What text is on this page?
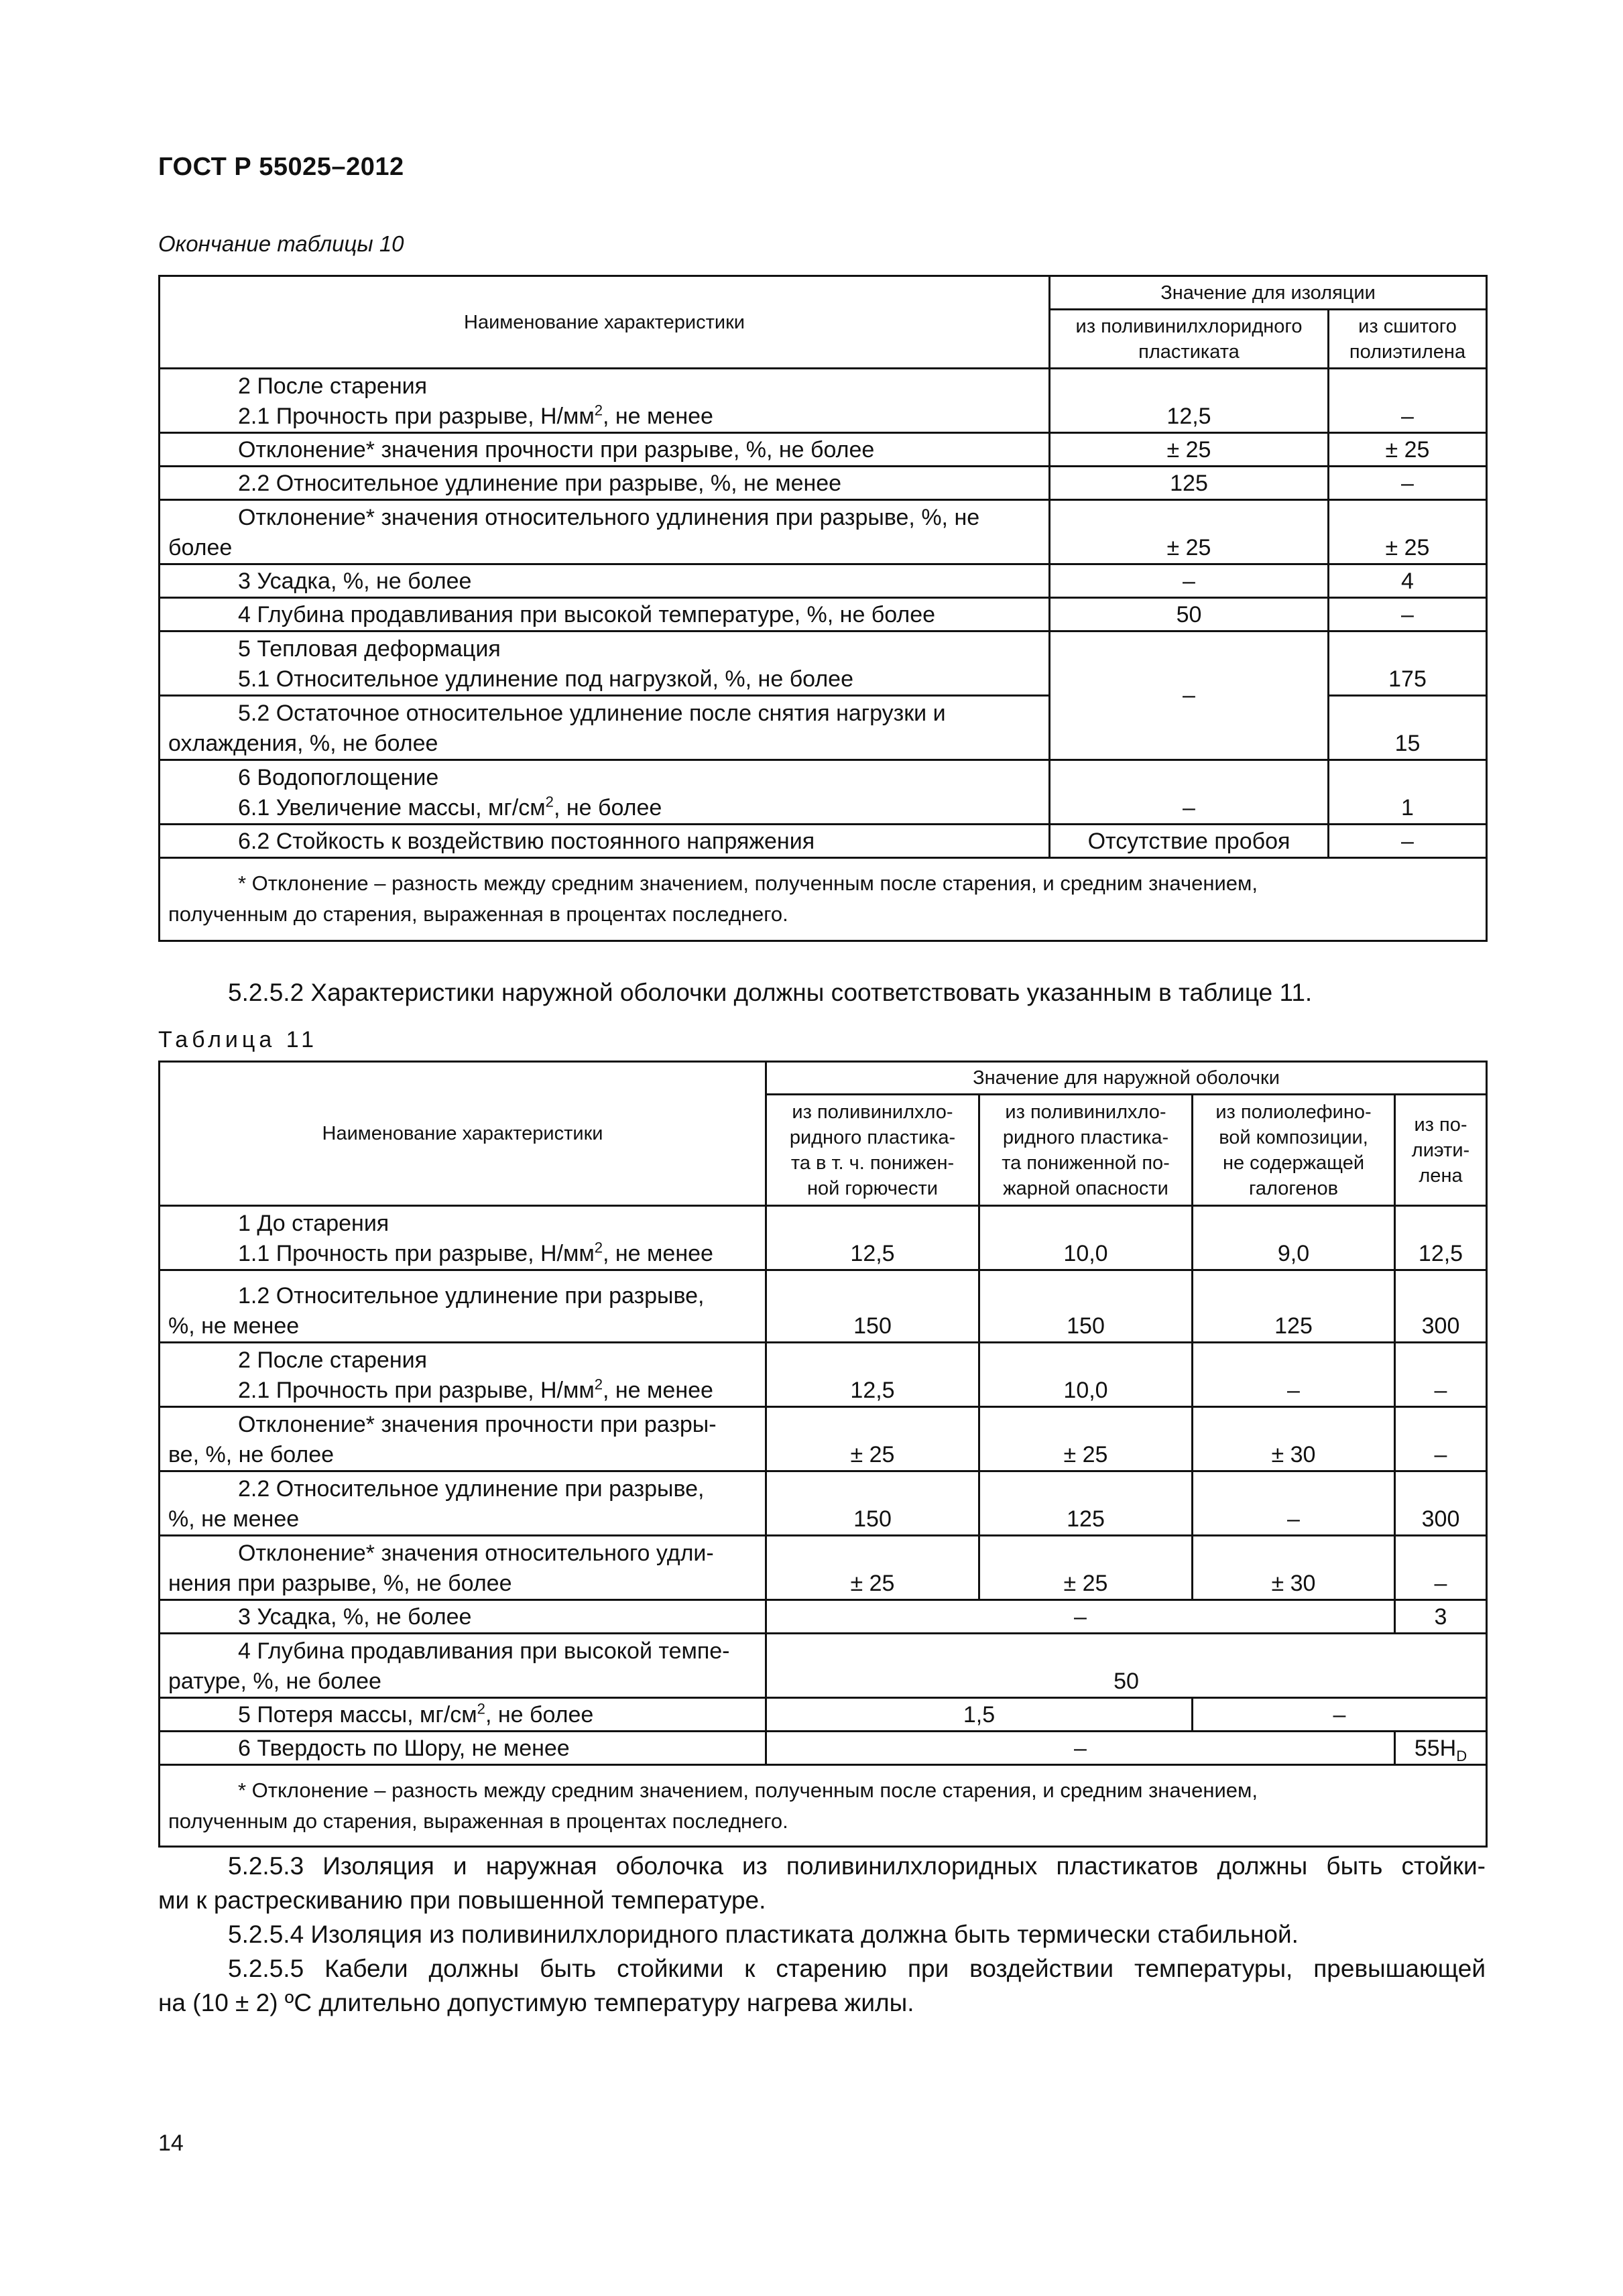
ГОСТ Р 55025–2012
Окончание таблицы 10
Наименование характеристики	Значение для изоляции	
	из поливинилхлоридного пластиката	из сшитого полиэтилена

2 После старения
2.1 Прочность при разрыве, $Н/мм^2$, не менее	12,5	–

Отклонение* значения прочности при разрыве, %, не более	± 25	± 25

2.2 Относительное удлинение при разрыве, %, не менее	125	–

Отклонение* значения относительного удлинения при разрыве, %, не
более	± 25	± 25

3 Усадка, %, не более	–	4

4 Глубина продавливания при высокой температуре, %, не более	50	–

5 Тепловая деформация
5.1 Относительное удлинение под нагрузкой, %, не более	–	175

5.2 Остаточное относительное удлинение после снятия нагрузки и
охлаждения, %, не более		15

6 Водопоглощение
6.1 Увеличение массы, $мг/см^2$, не более	–	1

6.2 Стойкость к воздействию постоянного напряжения	Отсутствие пробоя	–

* Отклонение – разность между средним значением, полученным после старения, и средним значением,
полученным до старения, выраженная в процентах последнего.		
5.2.5.2 Характеристики наружной оболочки должны соответствовать указанным в таблице 11.
Таблица 11
Наименование характеристики	Значение для наружной оболочки			

	из поливинилхло-
ридного пластика-
та в т. ч. понижен-
ной горючести	из поливинилхло-
ридного пластика-
та пониженной по-
жарной опасности	из полиолефино-
вой композиции,
не содержащей
галогенов	из по-
лиэти-
лена

1 До старения
1.1 Прочность при разрыве, $Н/мм^2$, не менее	12,5	10,0	9,0	12,5

1.2 Относительное удлинение при разрыве,
%, не менее	150	150	125	300

2 После старения
2.1 Прочность при разрыве, $Н/мм^2$, не менее	12,5	10,0	–	–

Отклонение* значения прочности при разры-
ве, %, не более	± 25	± 25	± 30	–

2.2 Относительное удлинение при разрыве,
%, не менее	150	125	–	300

Отклонение* значения относительного удли-
нения при разрыве, %, не более	± 25	± 25	± 30	–

3 Усадка, %, не более	–			3

4 Глубина продавливания при высокой темпе-
ратуре, %, не более	50			

5 Потеря массы, $мг/см^2$, не более	1,5		–	

6 Твердость по Шору, не менее	–			$55H_D$

* Отклонение – разность между средним значением, полученным после старения, и средним значением,
полученным до старения, выраженная в процентах последнего.				
5.2.5.3 Изоляция и наружная оболочка из поливинилхлоридных пластикатов должны быть стойки-
ми к растрескиванию при повышенной температуре.
5.2.5.4 Изоляция из поливинилхлоридного пластиката должна быть термически стабильной.
5.2.5.5 Кабели должны быть стойкими к старению при воздействии температуры, превышающей
на (10 ± 2) ºС длительно допустимую температуру нагрева жилы.
14
